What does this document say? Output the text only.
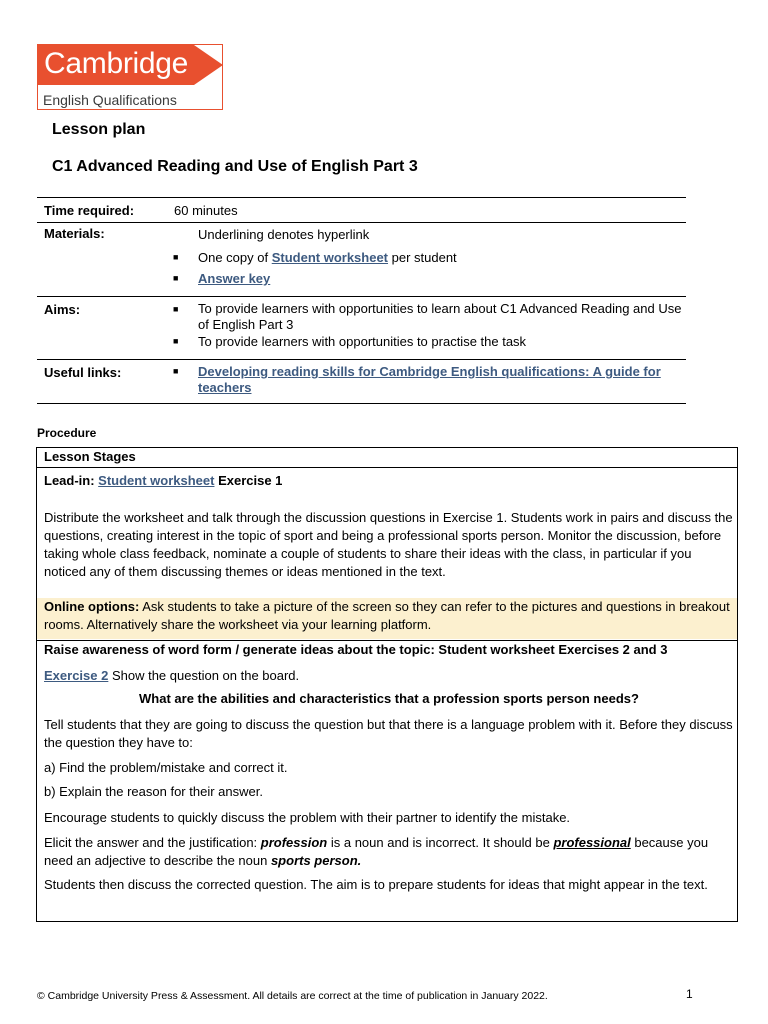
Cambridge
English Qualifications
Lesson plan
C1 Advanced Reading and Use of English Part 3
Time required:	60 minutes
Materials:	Underlining denotes hyperlink
■ One copy of Student worksheet per student
■ Answer key
Aims:	■ To provide learners with opportunities to learn about C1 Advanced Reading and Use of English Part 3
■ To provide learners with opportunities to practise the task
Useful links:	■ Developing reading skills for Cambridge English qualifications: A guide for teachers
Procedure
Lesson Stages
Lead-in: Student worksheet Exercise 1
Distribute the worksheet and talk through the discussion questions in Exercise 1. Students work in pairs and discuss the questions, creating interest in the topic of sport and being a professional sports person. Monitor the discussion, before taking whole class feedback, nominate a couple of students to share their ideas with the class, in particular if you noticed any of them discussing themes or ideas mentioned in the text.
Online options: Ask students to take a picture of the screen so they can refer to the pictures and questions in breakout rooms. Alternatively share the worksheet via your learning platform.
Raise awareness of word form / generate ideas about the topic: Student worksheet Exercises 2 and 3
Exercise 2 Show the question on the board.
What are the abilities and characteristics that a profession sports person needs?
Tell students that they are going to discuss the question but that there is a language problem with it. Before they discuss the question they have to:
a) Find the problem/mistake and correct it.
b) Explain the reason for their answer.
Encourage students to quickly discuss the problem with their partner to identify the mistake.
Elicit the answer and the justification: profession is a noun and is incorrect. It should be professional because you need an adjective to describe the noun sports person.
Students then discuss the corrected question. The aim is to prepare students for ideas that might appear in the text.
© Cambridge University Press & Assessment. All details are correct at the time of publication in January 2022.	1
